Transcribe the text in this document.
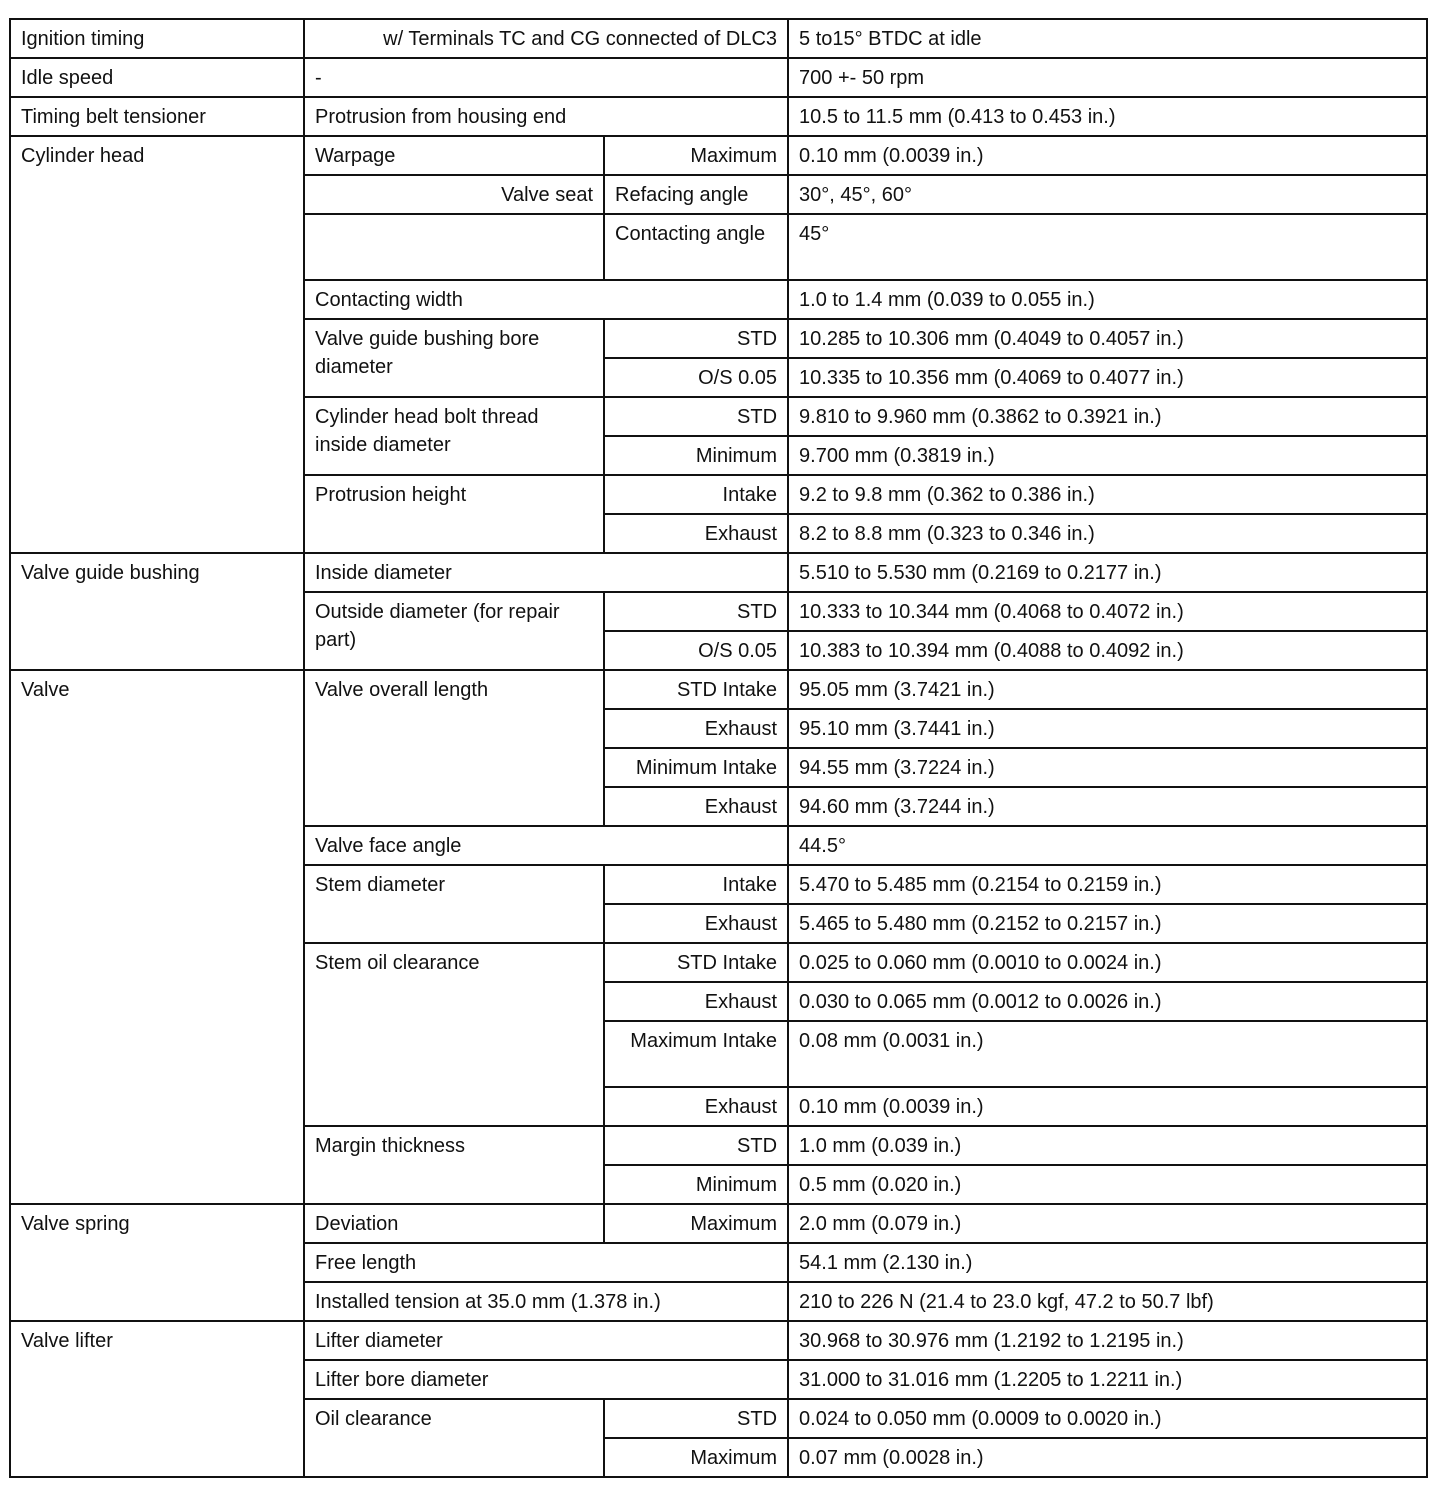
Ignition timing	w/ Terminals TC and CG connected of DLC3		5 to15° BTDC at idle
Idle speed	-		700 +- 50 rpm
Timing belt tensioner	Protrusion from housing end		10.5 to 11.5 mm (0.413 to 0.453 in.)
Cylinder head	Warpage	Maximum	0.10 mm (0.0039 in.)
	Valve seat	Refacing angle	30°, 45°, 60°
		Contacting angle	45°
	Contacting width		1.0 to 1.4 mm (0.039 to 0.055 in.)
	Valve guide bushing bore diameter	STD	10.285 to 10.306 mm (0.4049 to 0.4057 in.)
		O/S 0.05	10.335 to 10.356 mm (0.4069 to 0.4077 in.)
	Cylinder head bolt thread inside diameter	STD	9.810 to 9.960 mm (0.3862 to 0.3921 in.)
		Minimum	9.700 mm (0.3819 in.)
	Protrusion height	Intake	9.2 to 9.8 mm (0.362 to 0.386 in.)
		Exhaust	8.2 to 8.8 mm (0.323 to 0.346 in.)
Valve guide bushing	Inside diameter		5.510 to 5.530 mm (0.2169 to 0.2177 in.)
	Outside diameter (for repair part)	STD	10.333 to 10.344 mm (0.4068 to 0.4072 in.)
		O/S 0.05	10.383 to 10.394 mm (0.4088 to 0.4092 in.)
Valve	Valve overall length	STD Intake	95.05 mm (3.7421 in.)
		Exhaust	95.10 mm (3.7441 in.)
		Minimum Intake	94.55 mm (3.7224 in.)
		Exhaust	94.60 mm (3.7244 in.)
	Valve face angle		44.5°
	Stem diameter	Intake	5.470 to 5.485 mm (0.2154 to 0.2159 in.)
		Exhaust	5.465 to 5.480 mm (0.2152 to 0.2157 in.)
	Stem oil clearance	STD Intake	0.025 to 0.060 mm (0.0010 to 0.0024 in.)
		Exhaust	0.030 to 0.065 mm (0.0012 to 0.0026 in.)
		Maximum Intake	0.08 mm (0.0031 in.)
		Exhaust	0.10 mm (0.0039 in.)
	Margin thickness	STD	1.0 mm (0.039 in.)
		Minimum	0.5 mm (0.020 in.)
Valve spring	Deviation	Maximum	2.0 mm (0.079 in.)
	Free length		54.1 mm (2.130 in.)
	Installed tension at 35.0 mm (1.378 in.)		210 to 226 N (21.4 to 23.0 kgf, 47.2 to 50.7 lbf)
Valve lifter	Lifter diameter		30.968 to 30.976 mm (1.2192 to 1.2195 in.)
	Lifter bore diameter		31.000 to 31.016 mm (1.2205 to 1.2211 in.)
	Oil clearance	STD	0.024 to 0.050 mm (0.0009 to 0.0020 in.)
		Maximum	0.07 mm (0.0028 in.)
